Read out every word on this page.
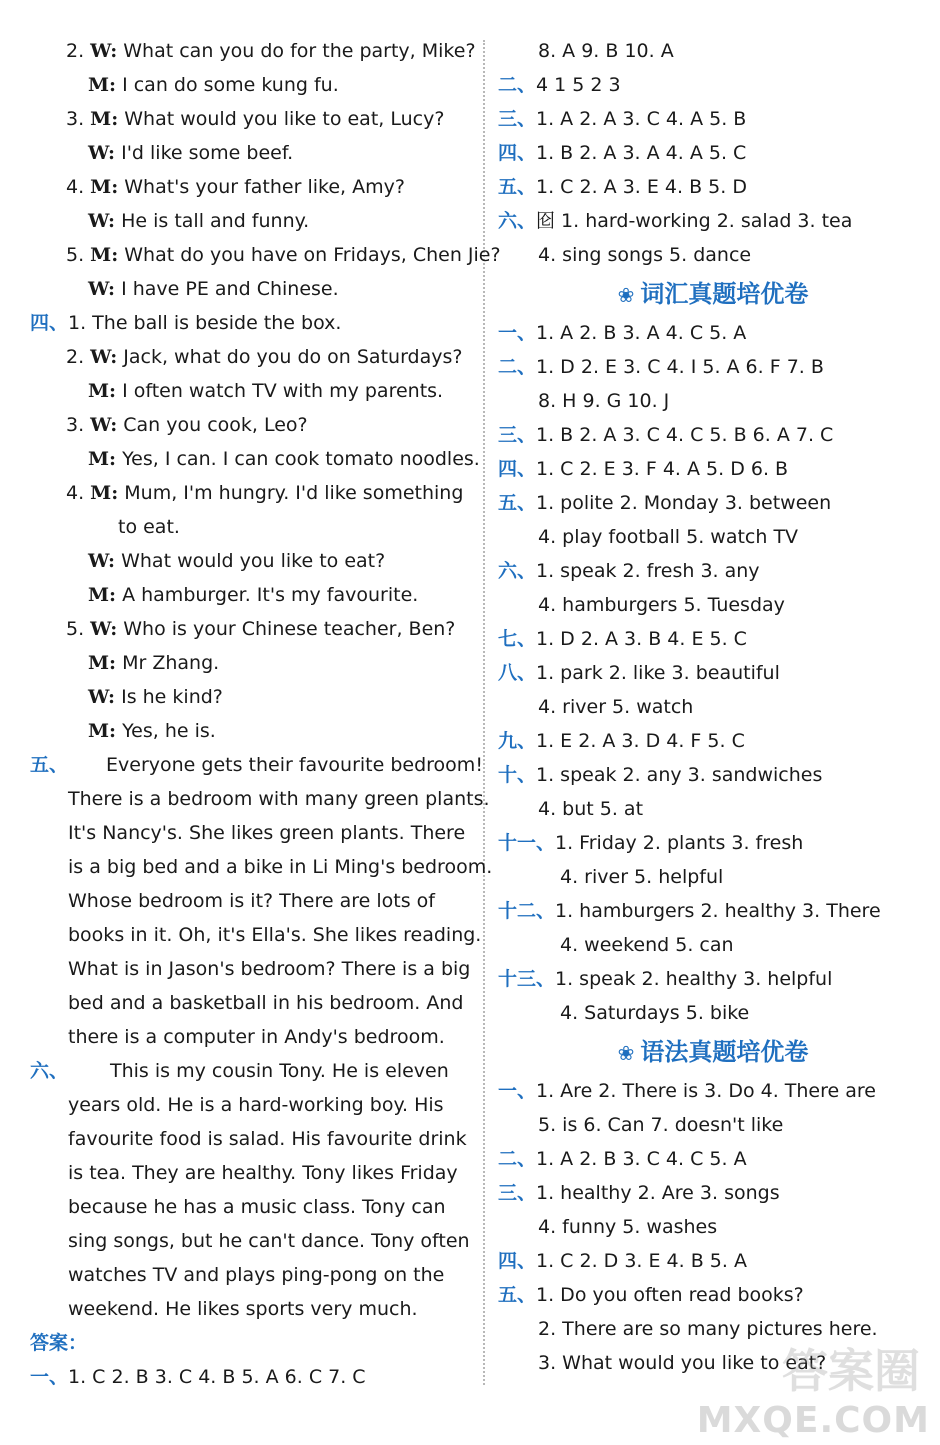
2. W: What can you do for the party, Mike?
M: I can do some kung fu.
3. M: What would you like to eat, Lucy?
W: I'd like some beef.
4. M: What's your father like, Amy?
W: He is tall and funny.
5. M: What do you have on Fridays, Chen Jie?
W: I have PE and Chinese.
四、1. The ball is beside the box.
2. W: Jack, what do you do on Saturdays?
M: I often watch TV with my parents.
3. W: Can you cook, Leo?
M: Yes, I can. I can cook tomato noodles.
4. M: Mum, I'm hungry. I'd like something
to eat.
W: What would you like to eat?
M: A hamburger. It's my favourite.
5. W: Who is your Chinese teacher, Ben?
M: Mr Zhang.
W: Is he kind?
M: Yes, he is.
五、 Everyone gets their favourite bedroom!
There is a bedroom with many green plants.
It's Nancy's. She likes green plants. There
is a big bed and a bike in Li Ming's bedroom.
Whose bedroom is it? There are lots of
books in it. Oh, it's Ella's. She likes reading.
What is in Jason's bedroom? There is a big
bed and a basketball in his bedroom. And
there is a computer in Andy's bedroom.
六、 This is my cousin Tony. He is eleven
years old. He is a hard-working boy. His
favourite food is salad. His favourite drink
is tea. They are healthy. Tony likes Friday
because he has a music class. Tony can
sing songs, but he can't dance. Tony often
watches TV and plays ping-pong on the
weekend. He likes sports very much.
答案：
一、1. C 2. B 3. C 4. B 5. A 6. C 7. C
8. A 9. B 10. A
二、4 1 5 2 3
三、1. A 2. A 3. C 4. A 5. B
四、1. B 2. A 3. A 4. A 5. C
五、1. C 2. A 3. E 4. B 5. D
六、囵 1. hard-working 2. salad 3. tea
4. sing songs 5. dance
❀ 词汇真题培优卷
一、1. A 2. B 3. A 4. C 5. A
二、1. D 2. E 3. C 4. I 5. A 6. F 7. B
8. H 9. G 10. J
三、1. B 2. A 3. C 4. C 5. B 6. A 7. C
四、1. C 2. E 3. F 4. A 5. D 6. B
五、1. polite 2. Monday 3. between
4. play football 5. watch TV
六、1. speak 2. fresh 3. any
4. hamburgers 5. Tuesday
七、1. D 2. A 3. B 4. E 5. C
八、1. park 2. like 3. beautiful
4. river 5. watch
九、1. E 2. A 3. D 4. F 5. C
十、1. speak 2. any 3. sandwiches
4. but 5. at
十一、1. Friday 2. plants 3. fresh
4. river 5. helpful
十二、1. hamburgers 2. healthy 3. There
4. weekend 5. can
十三、1. speak 2. healthy 3. helpful
4. Saturdays 5. bike
❀ 语法真题培优卷
一、1. Are 2. There is 3. Do 4. There are
5. is 6. Can 7. doesn't like
二、1. A 2. B 3. C 4. C 5. A
三、1. healthy 2. Are 3. songs
4. funny 5. washes
四、1. C 2. D 3. E 4. B 5. A
五、1. Do you often read books?
2. There are so many pictures here.
3. What would you like to eat?
答案圈
MXQE.COM
